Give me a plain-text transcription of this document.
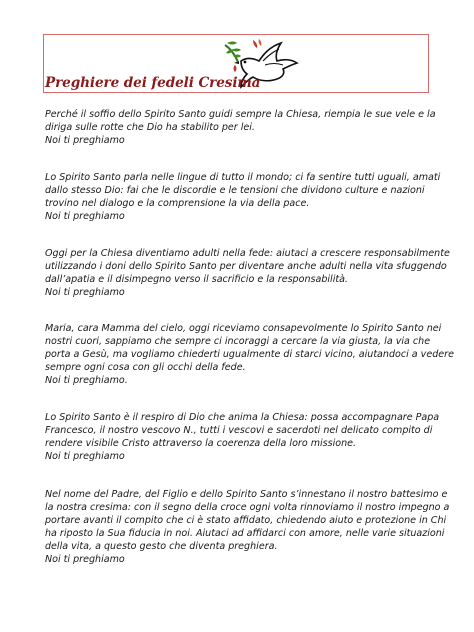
Preghiere dei fedeli Cresima
Perché il soffio dello Spirito Santo guidi sempre la Chiesa, riempia le sue vele e la
diriga sulle rotte che Dio ha stabilito per lei.
Noi ti preghiamo
Lo Spirito Santo parla nelle lingue di tutto il mondo; ci fa sentire tutti uguali, amati
dallo stesso Dio: fai che le discordie e le tensioni che dividono culture e nazioni
trovino nel dialogo e la comprensione la via della pace.
Noi ti preghiamo
Oggi per la Chiesa diventiamo adulti nella fede: aiutaci a crescere responsabilmente
utilizzando i doni dello Spirito Santo per diventare anche adulti nella vita sfuggendo
dall’apatia e il disimpegno verso il sacrificio e la responsabilità.
Noi ti preghiamo
Maria, cara Mamma del cielo, oggi riceviamo consapevolmente lo Spirito Santo nei
nostri cuori, sappiamo che sempre ci incoraggi a cercare la via giusta, la via che
porta a Gesù, ma vogliamo chiederti ugualmente di starci vicino, aiutandoci a vedere
sempre ogni cosa con gli occhi della fede.
Noi ti preghiamo.
Lo Spirito Santo è il respiro di Dio che anima la Chiesa: possa accompagnare Papa
Francesco, il nostro vescovo N., tutti i vescovi e sacerdoti nel delicato compito di
rendere visibile Cristo attraverso la coerenza della loro missione.
Noi ti preghiamo
Nel nome del Padre, del Figlio e dello Spirito Santo s’innestano il nostro battesimo e
la nostra cresima: con il segno della croce ogni volta rinnoviamo il nostro impegno a
portare avanti il compito che ci è stato affidato, chiedendo aiuto e protezione in Chi
ha riposto la Sua fiducia in noi. Aiutaci ad affidarci con amore, nelle varie situazioni
della vita, a questo gesto che diventa preghiera.
Noi ti preghiamo
